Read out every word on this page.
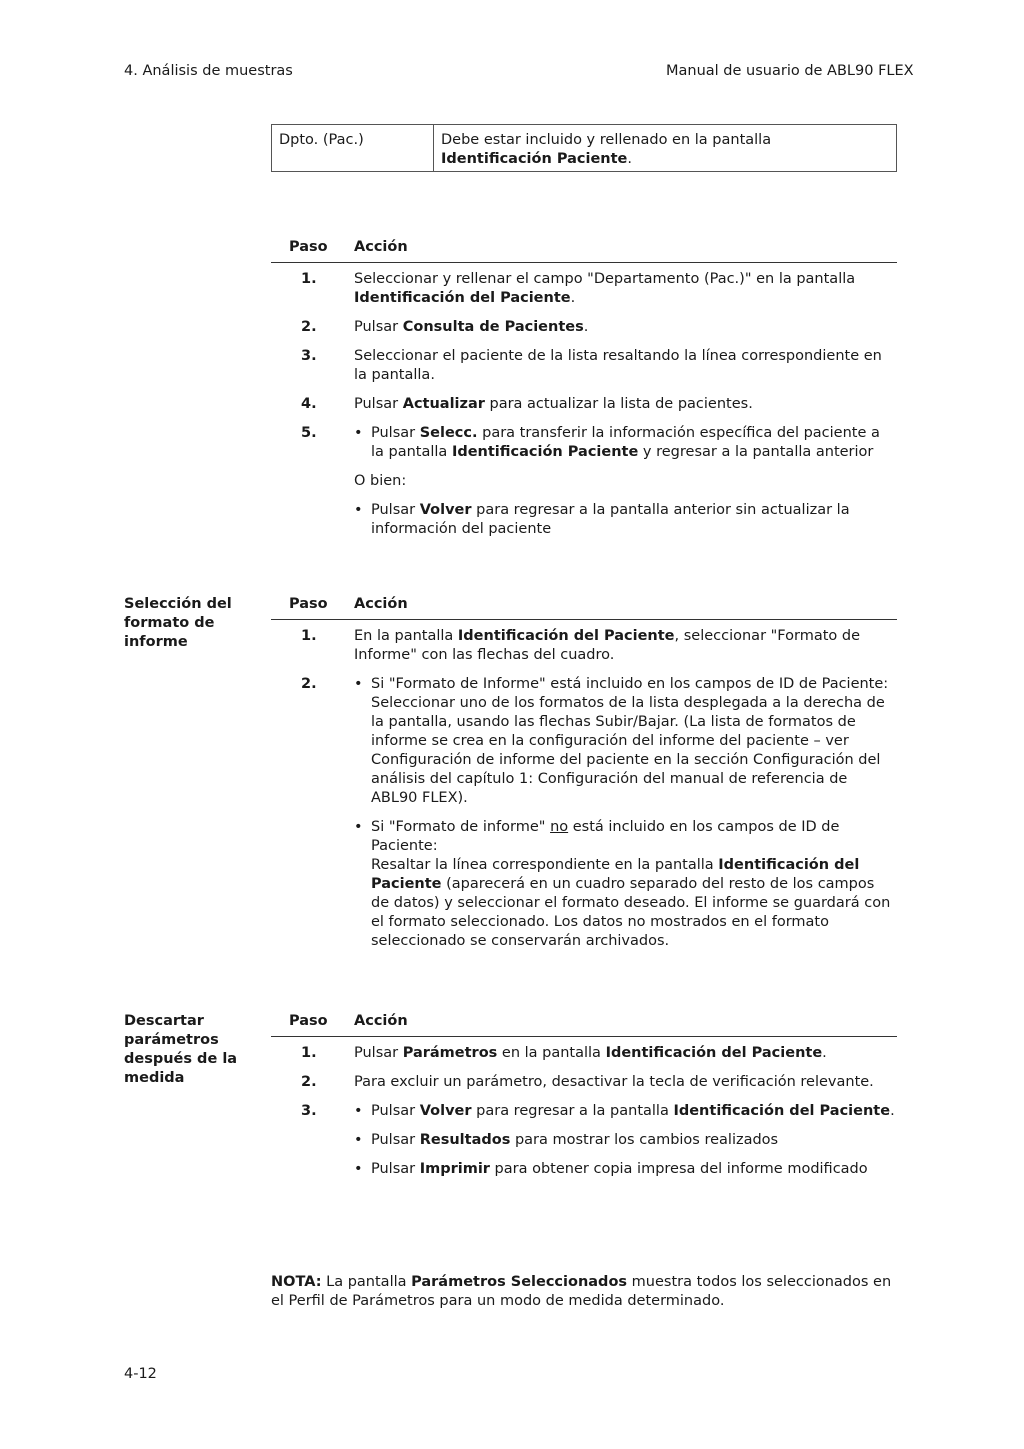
4. Análisis de muestras	Manual de usuario de ABL90 FLEX
Dpto. (Pac.)	Debe estar incluido y rellenado en la pantalla
Identificación Paciente.
Paso	Acción
1.	Seleccionar y rellenar el campo "Departamento (Pac.)" en la pantalla Identificación del Paciente.
2.	Pulsar Consulta de Pacientes.
3.	Seleccionar el paciente de la lista resaltando la línea correspondiente en la pantalla.
4.	Pulsar Actualizar para actualizar la lista de pacientes.
5.	• Pulsar Selecc. para transferir la información específica del paciente a la pantalla Identificación Paciente y regresar a la pantalla anterior
O bien:
• Pulsar Volver para regresar a la pantalla anterior sin actualizar la información del paciente
Selección del formato de informe
Paso	Acción
1.	En la pantalla Identificación del Paciente, seleccionar "Formato de Informe" con las flechas del cuadro.
2.	• Si "Formato de Informe" está incluido en los campos de ID de Paciente:
Seleccionar uno de los formatos de la lista desplegada a la derecha de la pantalla, usando las flechas Subir/Bajar. (La lista de formatos de informe se crea en la configuración del informe del paciente – ver Configuración de informe del paciente en la sección Configuración del análisis del capítulo 1: Configuración del manual de referencia de ABL90 FLEX).
• Si "Formato de informe" no está incluido en los campos de ID de Paciente:
Resaltar la línea correspondiente en la pantalla Identificación del Paciente (aparecerá en un cuadro separado del resto de los campos de datos) y seleccionar el formato deseado. El informe se guardará con el formato seleccionado. Los datos no mostrados en el formato seleccionado se conservarán archivados.
Descartar parámetros después de la medida
Paso	Acción
1.	Pulsar Parámetros en la pantalla Identificación del Paciente.
2.	Para excluir un parámetro, desactivar la tecla de verificación relevante.
3.	• Pulsar Volver para regresar a la pantalla Identificación del Paciente.
• Pulsar Resultados para mostrar los cambios realizados
• Pulsar Imprimir para obtener copia impresa del informe modificado
NOTA: La pantalla Parámetros Seleccionados muestra todos los seleccionados en el Perfil de Parámetros para un modo de medida determinado.
4-12
